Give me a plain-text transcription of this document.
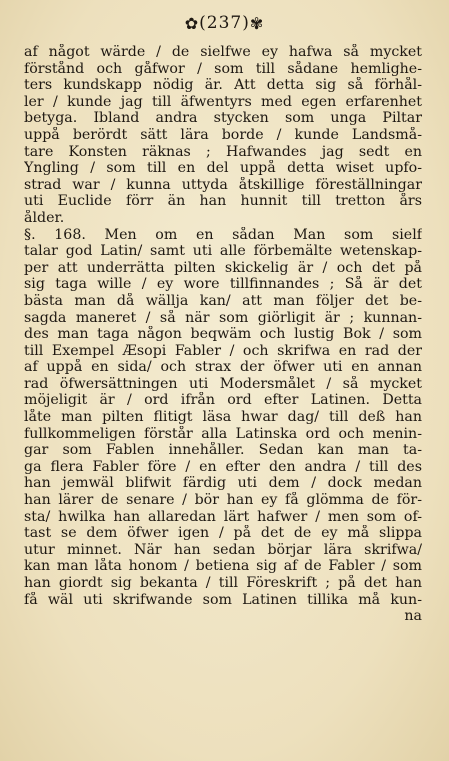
✿(237)✾
af något wärde / de sielfwe ey hafwa så mycket
förstånd och gåfwor / som till sådane hemlighe-
ters kundskapp nödig är. Att detta sig så förhål-
ler / kunde jag till äfwentyrs med egen erfarenhet
betyga. Ibland andra stycken som unga Piltar
uppå berördt sätt lära borde / kunde Landsmå-
tare Konsten räknas ; Hafwandes jag sedt en
Yngling / som till en del uppå detta wiset upfo-
strad war / kunna uttyda åtskillige föreställningar
uti Euclide förr än han hunnit till tretton års
ålder.
§. 168. Men om en sådan Man som sielf
talar god Latin/ samt uti alle förbemälte wetenskap-
per att underrätta pilten skickelig är / och det på
sig taga wille / ey wore tillfinnandes ; Så är det
bästa man då wällja kan/ att man följer det be-
sagda maneret / så när som giörligit är ; kunnan-
des man taga någon beqwäm och lustig Bok / som
till Exempel Æsopi Fabler / och skrifwa en rad der
af uppå en sida/ och strax der öfwer uti en annan
rad öfwersättningen uti Modersmålet / så mycket
möjeligit är / ord ifrån ord efter Latinen. Detta
låte man pilten flitigt läsa hwar dag/ till deß han
fullkommeligen förstår alla Latinska ord och menin-
gar som Fablen innehåller. Sedan kan man ta-
ga flera Fabler före / en efter den andra / till des
han jemwäl blifwit färdig uti dem / dock medan
han lärer de senare / bör han ey få glömma de för-
sta/ hwilka han allaredan lärt hafwer / men som of-
tast se dem öfwer igen / på det de ey må slippa
utur minnet. När han sedan börjar lära skrifwa/
kan man låta honom / betiena sig af de Fabler / som
han giordt sig bekanta / till Föreskrift ; på det han
få wäl uti skrifwande som Latinen tillika må kun-
na
